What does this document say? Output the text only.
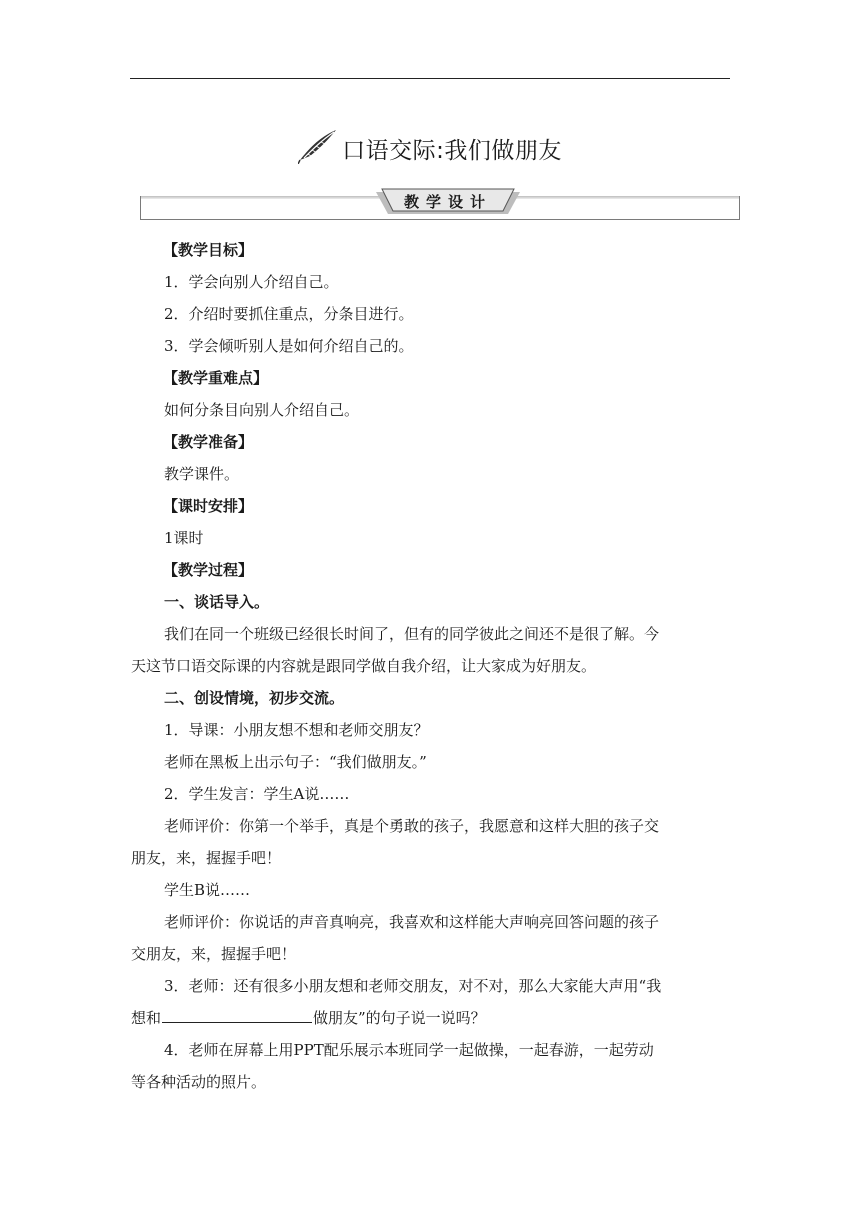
口语交际:我们做朋友
教学设计
【教学目标】
1．学会向别人介绍自己。
2．介绍时要抓住重点，分条目进行。
3．学会倾听别人是如何介绍自己的。
【教学重难点】
如何分条目向别人介绍自己。
【教学准备】
教学课件。
【课时安排】
1课时
【教学过程】
一、谈话导入。
我们在同一个班级已经很长时间了，但有的同学彼此之间还不是很了解。今
天这节口语交际课的内容就是跟同学做自我介绍，让大家成为好朋友。
二、创设情境，初步交流。
1．导课：小朋友想不想和老师交朋友？
老师在黑板上出示句子：“我们做朋友。”
2．学生发言：学生A说……
老师评价：你第一个举手，真是个勇敢的孩子，我愿意和这样大胆的孩子交
朋友，来，握握手吧！
学生B说……
老师评价：你说话的声音真响亮，我喜欢和这样能大声响亮回答问题的孩子
交朋友，来，握握手吧！
3．老师：还有很多小朋友想和老师交朋友，对不对，那么大家能大声用“我
想和	做朋友”的句子说一说吗？
4．老师在屏幕上用PPT配乐展示本班同学一起做操，一起春游，一起劳动
等各种活动的照片。
